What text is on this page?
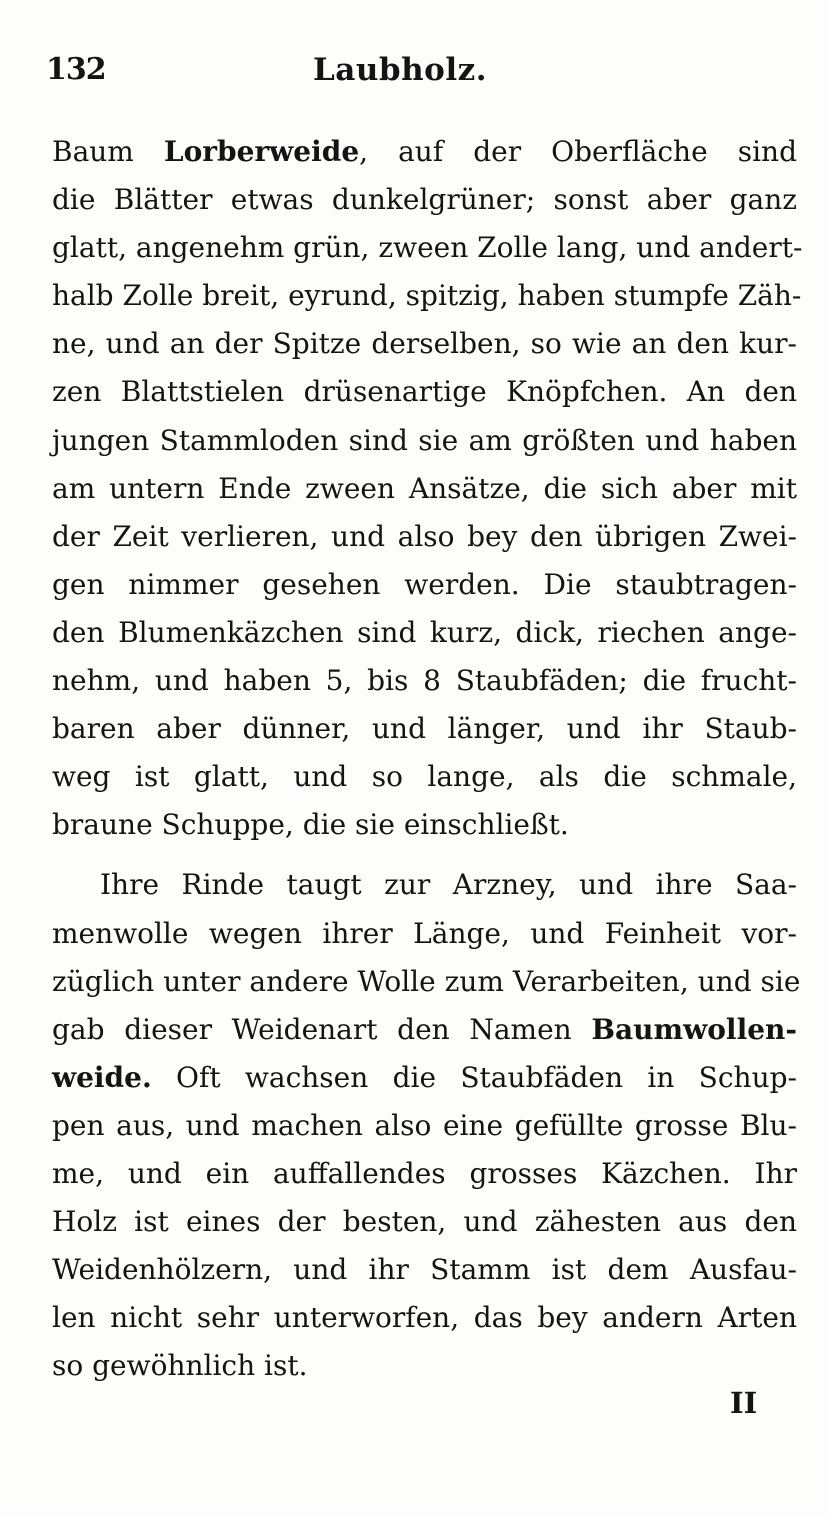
132	Laubholz.
Baum Lorberweide, auf der Oberfläche sind
die Blätter etwas dunkelgrüner; sonst aber ganz
glatt, angenehm grün, zween Zolle lang, und andert-
halb Zolle breit, eyrund, spitzig, haben stumpfe Zäh-
ne, und an der Spitze derselben, so wie an den kur-
zen Blattstielen drüsenartige Knöpfchen. An den
jungen Stammloden sind sie am größten und haben
am untern Ende zween Ansätze, die sich aber mit
der Zeit verlieren, und also bey den übrigen Zwei-
gen nimmer gesehen werden. Die staubtragen-
den Blumenkäzchen sind kurz, dick, riechen ange-
nehm, und haben 5, bis 8 Staubfäden; die frucht-
baren aber dünner, und länger, und ihr Staub-
weg ist glatt, und so lange, als die schmale,
braune Schuppe, die sie einschließt.
Ihre Rinde taugt zur Arzney, und ihre Saa-
menwolle wegen ihrer Länge, und Feinheit vor-
züglich unter andere Wolle zum Verarbeiten, und sie
gab dieser Weidenart den Namen Baumwollen-
weide. Oft wachsen die Staubfäden in Schup-
pen aus, und machen also eine gefüllte grosse Blu-
me, und ein auffallendes grosses Käzchen. Ihr
Holz ist eines der besten, und zähesten aus den
Weidenhölzern, und ihr Stamm ist dem Ausfau-
len nicht sehr unterworfen, das bey andern Arten
so gewöhnlich ist.
II
